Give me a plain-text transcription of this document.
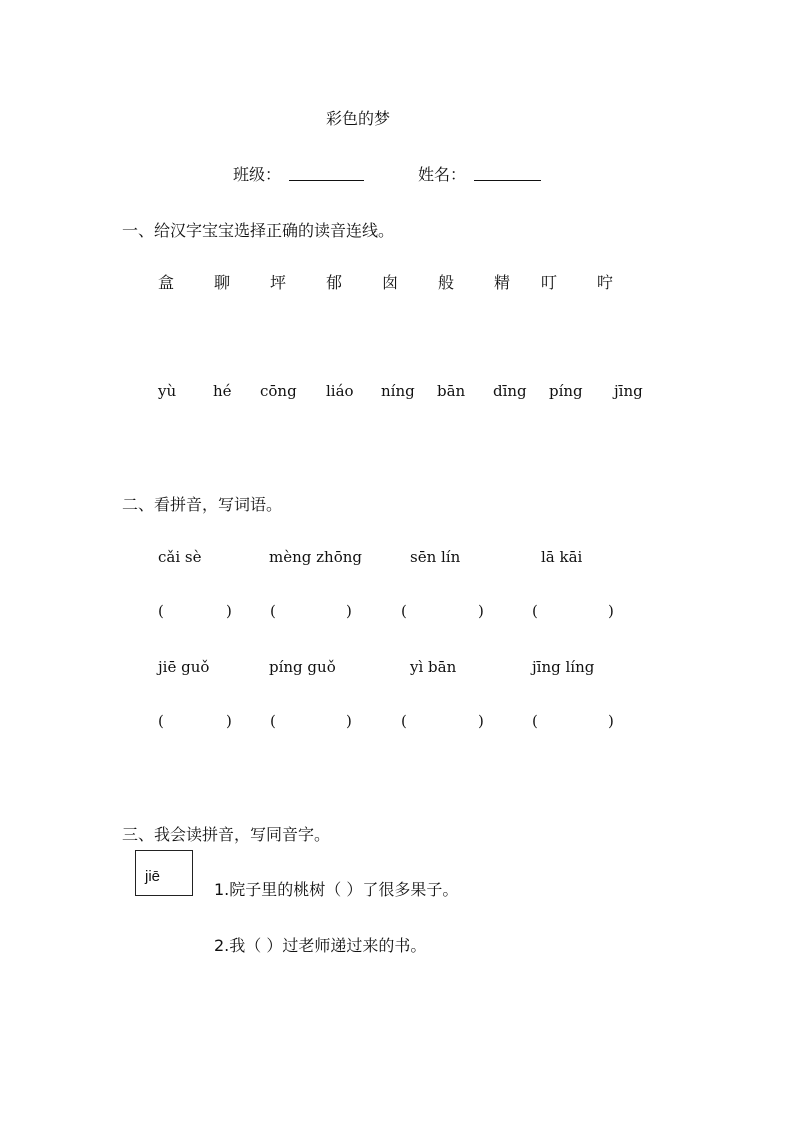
彩色的梦
班级：	姓名：
一、给汉字宝宝选择正确的读音连线。
盒 聊 坪 郁 囱 般 精 叮 咛
yù hé cōng liáo níng bān dīng píng jīng
二、看拼音，写词语。
cǎi sè	mèng zhōng	sēn lín	lā kāi
(	)	(	)	(	)	(	)
jiē guǒ	píng guǒ	yì bān	jīng líng
(	)	(	)	(	)	(	)
三、我会读拼音，写同音字。
jiē
1.院子里的桃树（ ）了很多果子。
2.我（ ）过老师递过来的书。
